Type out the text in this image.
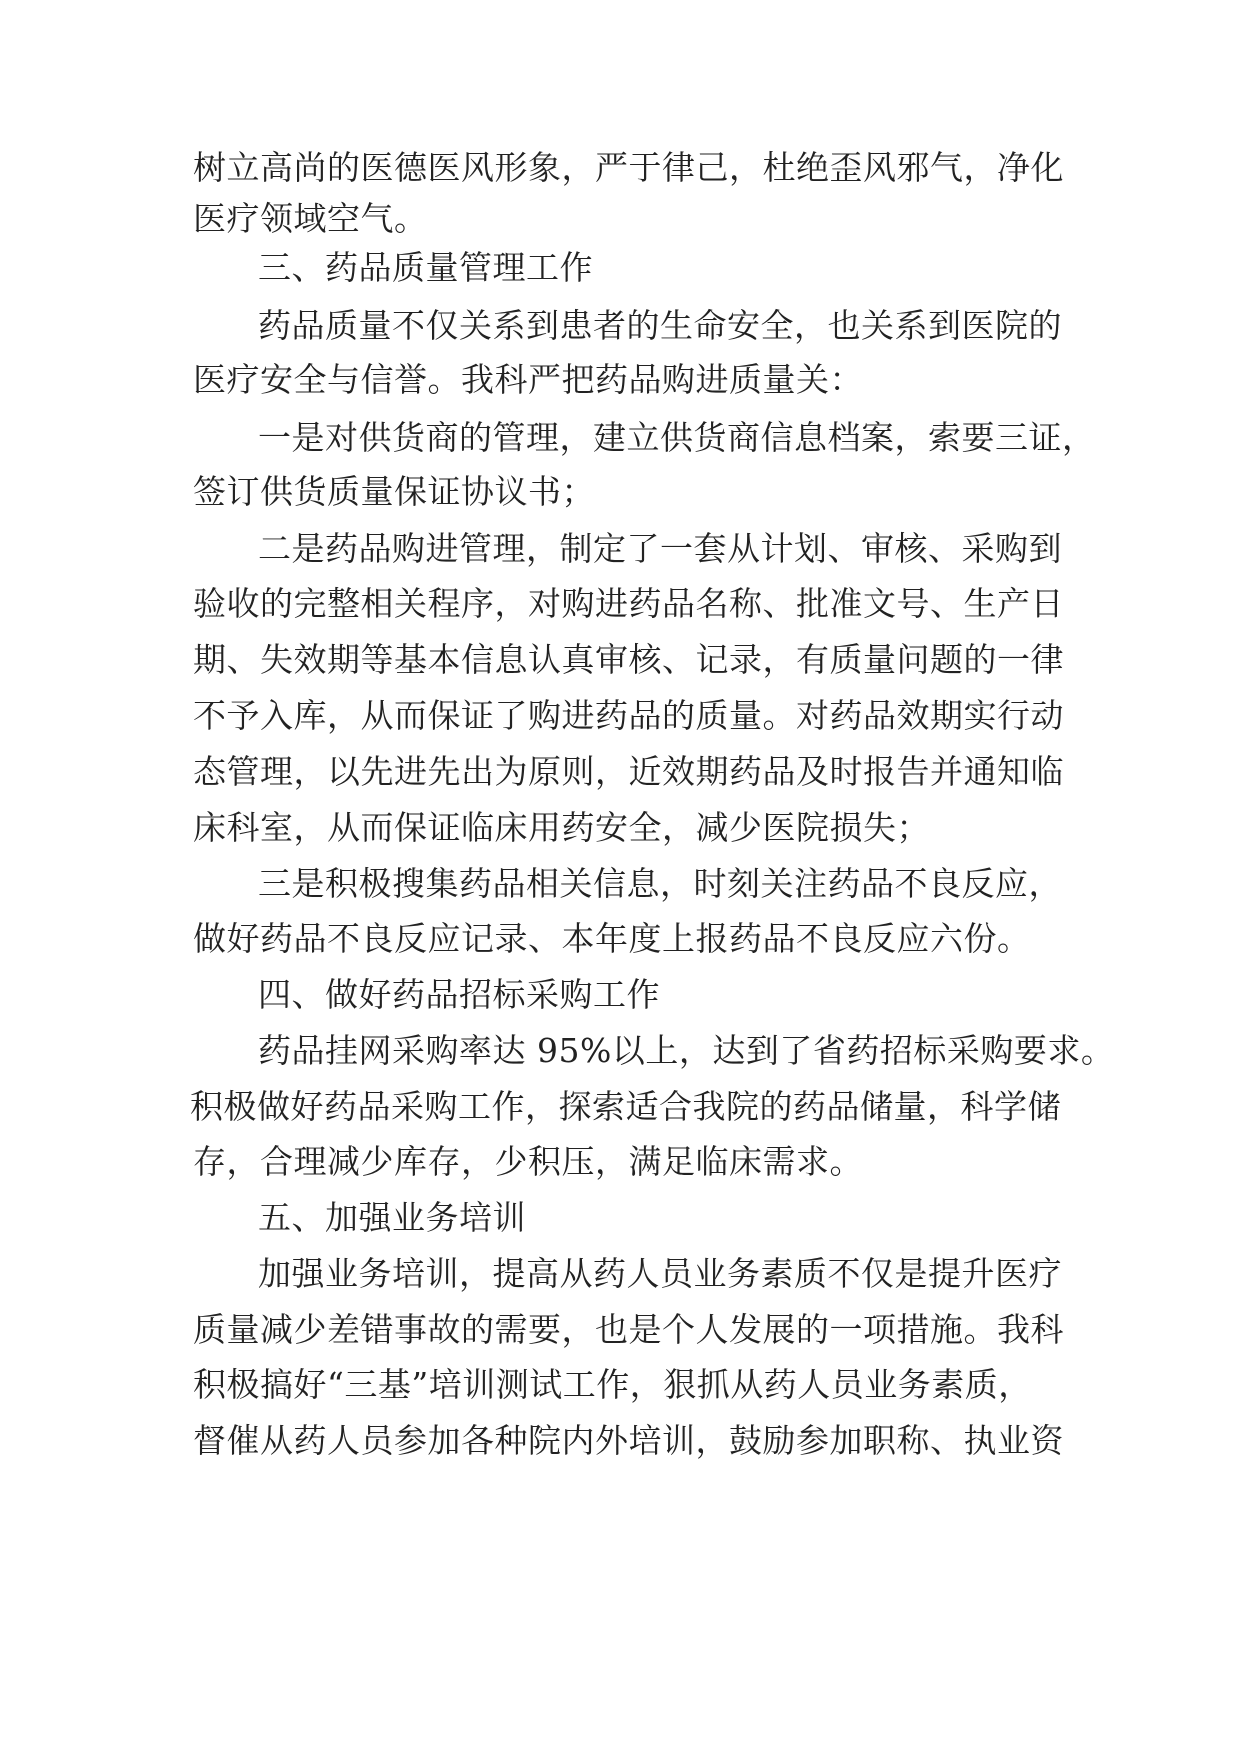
树立高尚的医德医风形象，严于律己，杜绝歪风邪气，净化
医疗领域空气。
三、药品质量管理工作
药品质量不仅关系到患者的生命安全，也关系到医院的
医疗安全与信誉。我科严把药品购进质量关：
一是对供货商的管理，建立供货商信息档案，索要三证，
签订供货质量保证协议书；
二是药品购进管理，制定了一套从计划、审核、采购到
验收的完整相关程序，对购进药品名称、批准文号、生产日
期、失效期等基本信息认真审核、记录，有质量问题的一律
不予入库，从而保证了购进药品的质量。对药品效期实行动
态管理，以先进先出为原则，近效期药品及时报告并通知临
床科室，从而保证临床用药安全，减少医院损失；
三是积极搜集药品相关信息，时刻关注药品不良反应，
做好药品不良反应记录、本年度上报药品不良反应六份。
四、做好药品招标采购工作
药品挂网采购率达 95%以上，达到了省药招标采购要求。
积极做好药品采购工作，探索适合我院的药品储量，科学储
存，合理减少库存，少积压，满足临床需求。
五、加强业务培训
加强业务培训，提高从药人员业务素质不仅是提升医疗
质量减少差错事故的需要，也是个人发展的一项措施。我科
积极搞好“三基”培训测试工作，狠抓从药人员业务素质，
督催从药人员参加各种院内外培训，鼓励参加职称、执业资
